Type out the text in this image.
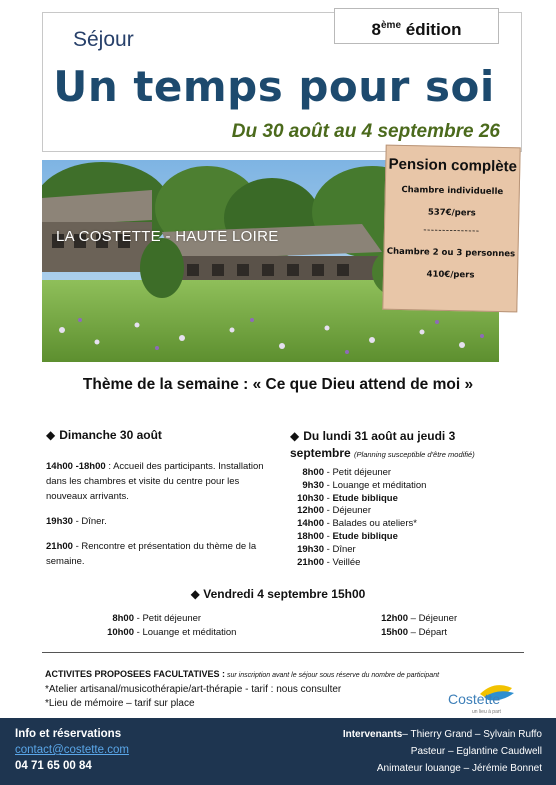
8ème édition
Séjour
Un temps pour soi
Du 30 août au 4 septembre 26
LA COSTETTE - HAUTE LOIRE
Pension complète
Chambre individuelle
537€/pers
---------------
Chambre 2 ou 3 personnes
410€/pers
Thème de la semaine : « Ce que Dieu attend de moi »
◆ Dimanche 30 août
14h00 -18h00 : Accueil des participants. Installation dans les chambres et visite du centre pour les nouveaux arrivants.
19h30 - Dîner.
21h00 - Rencontre et présentation du thème de la semaine.
◆ Du lundi 31 août au jeudi 3
septembre (Planning susceptible d'être modifié)
8h00 - Petit déjeuner
9h30 - Louange et méditation
10h30 - Etude biblique
12h00 - Déjeuner
14h00 - Balades ou ateliers*
18h00 - Etude biblique
19h30 - Dîner
21h00 - Veillée
◆ Vendredi 4 septembre 15h00
8h00 - Petit déjeuner
10h00 - Louange et méditation
12h00 – Déjeuner
15h00 – Départ
ACTIVITES PROPOSEES FACULTATIVES : sur inscription avant le séjour sous réserve du nombre de participant
*Atelier artisanal/musicothérapie/art-thérapie - tarif : nous consulter
*Lieu de mémoire – tarif sur place	Costette
un lieu à part
Info et réservations
contact@costette.com
04 71 65 00 84
Intervenants– Thierry Grand – Sylvain Ruffo
Pasteur – Eglantine Caudwell
Animateur louange – Jérémie Bonnet
